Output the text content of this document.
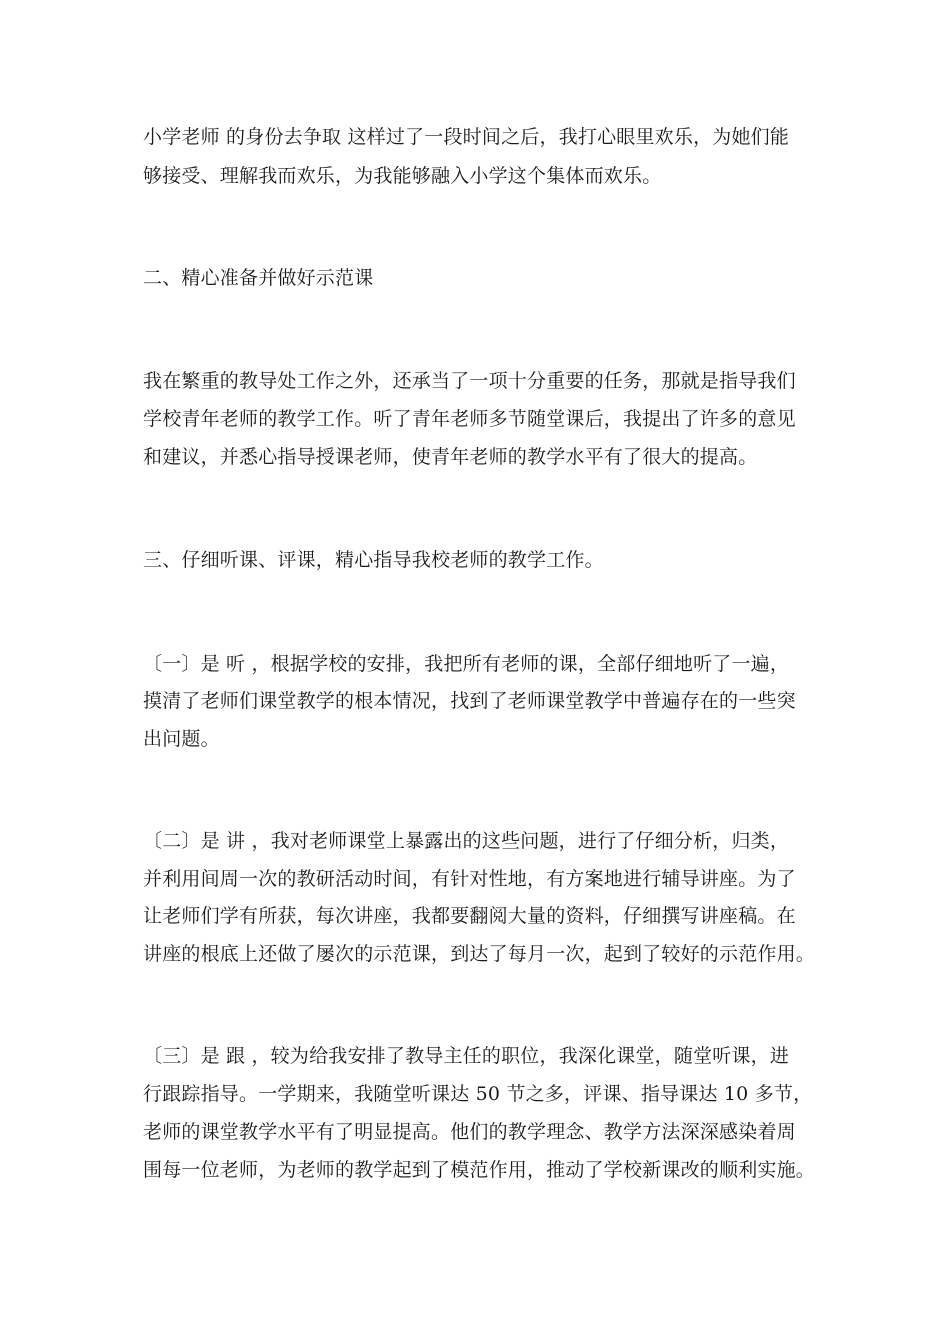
小学老师 的身份去争取 这样过了一段时间之后，我打心眼里欢乐，为她们能
够接受、理解我而欢乐，为我能够融入小学这个集体而欢乐。
二、精心准备并做好示范课
我在繁重的教导处工作之外，还承当了一项十分重要的任务，那就是指导我们
学校青年老师的教学工作。听了青年老师多节随堂课后，我提出了许多的意见
和建议，并悉心指导授课老师，使青年老师的教学水平有了很大的提高。
三、仔细听课、评课，精心指导我校老师的教学工作。
〔一〕是 听 ，根据学校的安排，我把所有老师的课，全部仔细地听了一遍，
摸清了老师们课堂教学的根本情况，找到了老师课堂教学中普遍存在的一些突
出问题。
〔二〕是 讲 ，我对老师课堂上暴露出的这些问题，进行了仔细分析，归类，
并利用间周一次的教研活动时间，有针对性地，有方案地进行辅导讲座。为了
让老师们学有所获，每次讲座，我都要翻阅大量的资料，仔细撰写讲座稿。在
讲座的根底上还做了屡次的示范课，到达了每月一次，起到了较好的示范作用。
〔三〕是 跟 ，较为给我安排了教导主任的职位，我深化课堂，随堂听课，进
行跟踪指导。一学期来，我随堂听课达 50 节之多，评课、指导课达 10 多节，
老师的课堂教学水平有了明显提高。他们的教学理念、教学方法深深感染着周
围每一位老师，为老师的教学起到了模范作用，推动了学校新课改的顺利实施。
